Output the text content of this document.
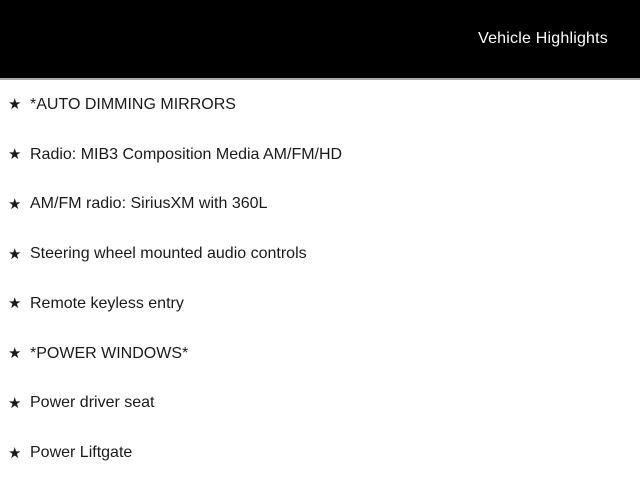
Vehicle Highlights
★ *AUTO DIMMING MIRRORS
★ Radio: MIB3 Composition Media AM/FM/HD
★ AM/FM radio: SiriusXM with 360L
★ Steering wheel mounted audio controls
★ Remote keyless entry
★ *POWER WINDOWS*
★ Power driver seat
★ Power Liftgate
